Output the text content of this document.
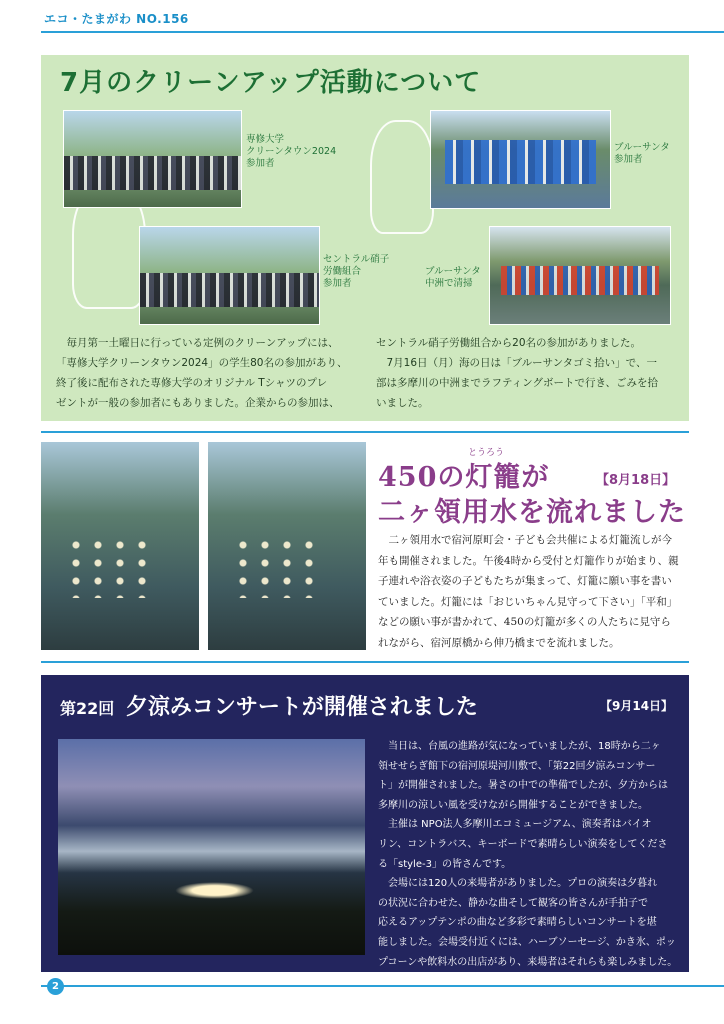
エコ・たまがわ NO.156
7月のクリーンアップ活動について
専修大学
クリーンタウン2024
参加者
セントラル硝子
労働組合
参加者
ブルーサンタ
参加者
ブルーサンタ
中洲で清掃
　毎月第一土曜日に行っている定例のクリーンアップには、
「専修大学クリーンタウン2024」の学生80名の参加があり、
終了後に配布された専修大学のオリジナル Tシャツのプレ
ゼントが一般の参加者にもありました。企業からの参加は、
セントラル硝子労働組合から20名の参加がありました。
　7月16日（月）海の日は「ブルーサンタゴミ拾い」で、一
部は多摩川の中洲までラフティングボートで行き、ごみを拾
いました。
とうろう
450の灯籠が	【8月18日】
二ヶ領用水を流れました
　二ヶ領用水で宿河原町会・子ども会共催による灯籠流しが今
年も開催されました。午後4時から受付と灯籠作りが始まり、親
子連れや浴衣姿の子どもたちが集まって、灯籠に願い事を書い
ていました。灯籠には「おじいちゃん見守って下さい」「平和」
などの願い事が書かれて、450の灯籠が多くの人たちに見守ら
れながら、宿河原橋から伸乃橋までを流れました。
第22回 夕涼みコンサートが開催されました	【9月14日】
　当日は、台風の進路が気になっていましたが、18時から二ヶ
領せせらぎ館下の宿河原堤河川敷で、「第22回夕涼みコンサー
ト」が開催されました。暑さの中での準備でしたが、夕方からは
多摩川の涼しい風を受けながら開催することができました。
　主催は NPO法人多摩川エコミュージアム、演奏者はバイオ
リン、コントラバス、キーボードで素晴らしい演奏をしてくださ
る「style-3」の皆さんです。
　会場には120人の来場者がありました。プロの演奏は夕暮れ
の状況に合わせた、静かな曲そして観客の皆さんが手拍子で
応えるアップテンポの曲など多彩で素晴らしいコンサートを堪
能しました。会場受付近くには、ハーブソーセージ、かき氷、ポッ
プコーンや飲料水の出店があり、来場者はそれらも楽しみました。
2
